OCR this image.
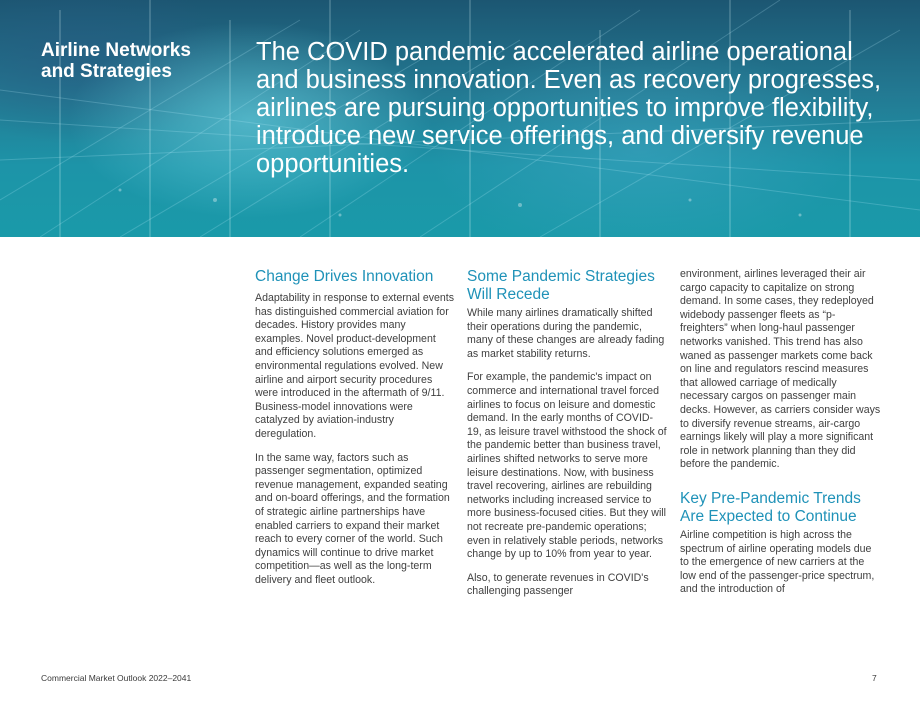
Airline Networks and Strategies
The COVID pandemic accelerated airline operational and business innovation. Even as recovery progresses, airlines are pursuing opportunities to improve flexibility, introduce new service offerings, and diversify revenue opportunities.
Change Drives Innovation

Adaptability in response to external events has distinguished commercial aviation for decades. History provides many examples. Novel product-development and efficiency solutions emerged as environmental regulations evolved. New airline and airport security procedures were introduced in the aftermath of 9/11. Business-model innovations were catalyzed by aviation-industry deregulation.

In the same way, factors such as passenger segmentation, optimized revenue management, expanded seating and on-board offerings, and the formation of strategic airline partnerships have enabled carriers to expand their market reach to every corner of the world. Such dynamics will continue to drive market competition—as well as the long-term delivery and fleet outlook.

Some Pandemic Strategies Will Recede

While many airlines dramatically shifted their operations during the pandemic, many of these changes are already fading as market stability returns.

For example, the pandemic's impact on commerce and international travel forced airlines to focus on leisure and domestic demand. In the early months of COVID-19, as leisure travel withstood the shock of the pandemic better than business travel, airlines shifted networks to serve more leisure destinations. Now, with business travel recovering, airlines are rebuilding networks including increased service to more business-focused cities. But they will not recreate pre-pandemic operations; even in relatively stable periods, networks change by up to 10% from year to year.

Also, to generate revenues in COVID's challenging passenger

environment, airlines leveraged their air cargo capacity to capitalize on strong demand. In some cases, they redeployed widebody passenger fleets as “p-freighters” when long-haul passenger networks vanished. This trend has also waned as passenger markets come back on line and regulators rescind measures that allowed carriage of medically necessary cargos on passenger main decks. However, as carriers consider ways to diversify revenue streams, air-cargo earnings likely will play a more significant role in network planning than they did before the pandemic.

Key Pre-Pandemic Trends Are Expected to Continue

Airline competition is high across the spectrum of airline operating models due to the emergence of new carriers at the low end of the passenger-price spectrum, and the introduction of

Commercial Market Outlook 2022–2041	7
